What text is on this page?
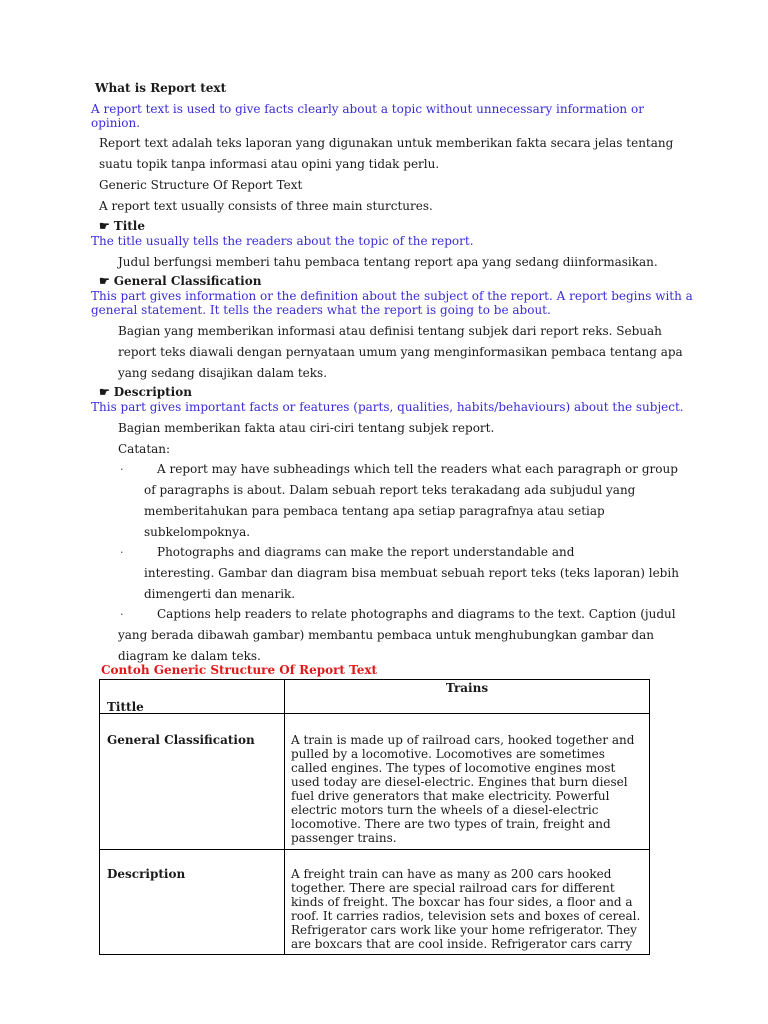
What is Report text
A report text is used to give facts clearly about a topic without unnecessary information or opinion.
Report text adalah teks laporan yang digunakan untuk memberikan fakta secara jelas tentang
suatu topik tanpa informasi atau opini yang tidak perlu.
Generic Structure Of Report Text
A report text usually consists of three main sturctures.
☛ Title
The title usually tells the readers about the topic of the report.
Judul berfungsi memberi tahu pembaca tentang report apa yang sedang diinformasikan.
☛ General Classification
This part gives information or the definition about the subject of the report. A report begins with a
general statement. It tells the readers what the report is going to be about.
Bagian yang memberikan informasi atau definisi tentang subjek dari report reks. Sebuah
report teks diawali dengan pernyataan umum yang menginformasikan pembaca tentang apa
yang sedang disajikan dalam teks.
☛ Description
This part gives important facts or features (parts, qualities, habits/behaviours) about the subject.
Bagian memberikan fakta atau ciri-ciri tentang subjek report.
Catatan:
·	A report may have subheadings which tell the readers what each paragraph or group
of paragraphs is about. Dalam sebuah report teks terakadang ada subjudul yang
memberitahukan para pembaca tentang apa setiap paragrafnya atau setiap
subkelompoknya.
·	Photographs and diagrams can make the report understandable and
interesting. Gambar dan diagram bisa membuat sebuah report teks (teks laporan) lebih
dimengerti dan menarik.
·	Captions help readers to relate photographs and diagrams to the text. Caption (judul
yang berada dibawah gambar) membantu pembaca untuk menghubungkan gambar dan
diagram ke dalam teks.
Contoh Generic Structure Of Report Text
Tittle	Trains

General Classification	A train is made up of railroad cars, hooked together and pulled by a locomotive. Locomotives are sometimes called engines. The types of locomotive engines most used today are diesel-electric. Engines that burn diesel fuel drive generators that make electricity. Powerful electric motors turn the wheels of a diesel-electric locomotive. There are two types of train, freight and passenger trains.

Description	A freight train can have as many as 200 cars hooked together. There are special railroad cars for different kinds of freight. The boxcar has four sides, a floor and a roof. It carries radios, television sets and boxes of cereal. Refrigerator cars work like your home refrigerator. They are boxcars that are cool inside. Refrigerator cars carry
